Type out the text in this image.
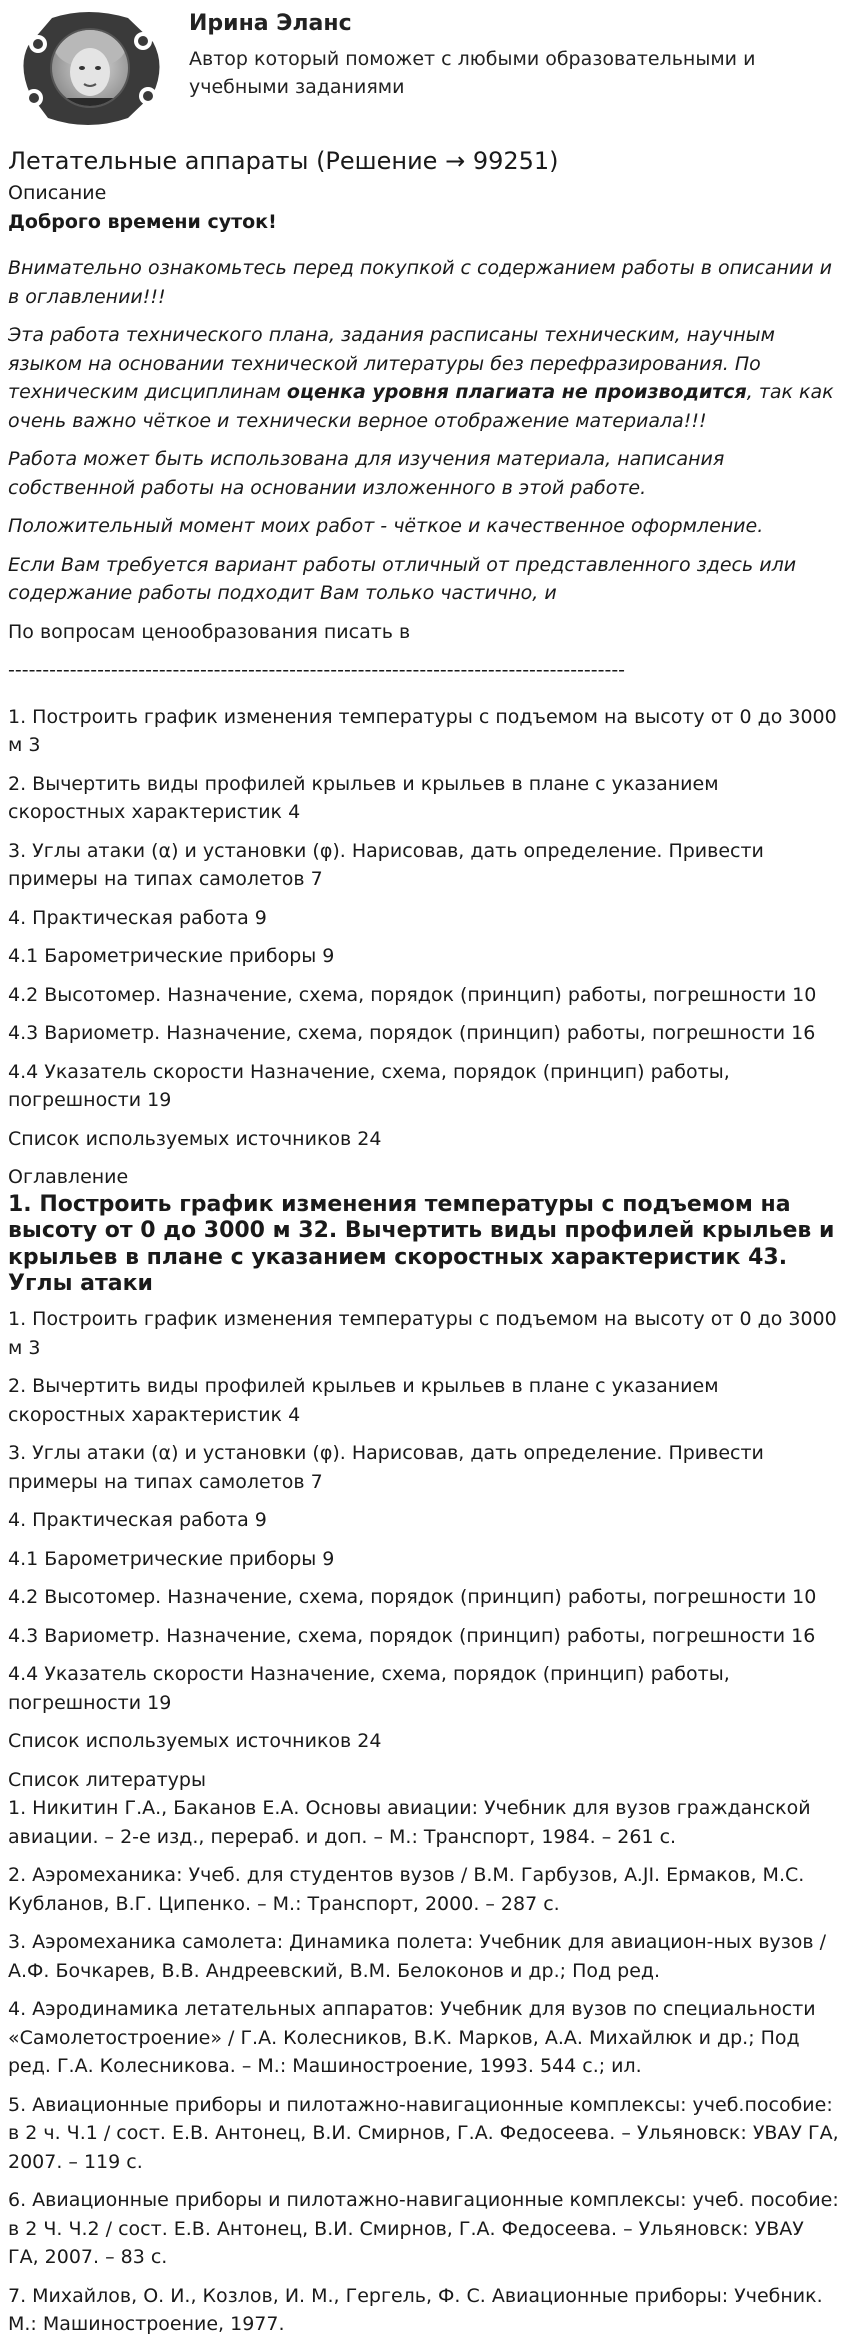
Ирина Эланс
Автор который поможет с любыми образовательными и учебными заданиями
Летательные аппараты (Решение → 99251)
Описание

Доброго времени суток!

Внимательно ознакомьтесь перед покупкой с содержанием работы в описании и в оглавлении!!!

Эта работа технического плана, задания расписаны техническим, научным языком на основании технической литературы без перефразирования. По техническим дисциплинам оценка уровня плагиата не производится, так как очень важно чёткое и технически верное отображение материала!!!

Работа может быть использована для изучения материала, написания собственной работы на основании изложенного в этой работе.

Положительный момент моих работ - чёткое и качественное оформление.

Если Вам требуется вариант работы отличный от представленного здесь или содержание работы подходит Вам только частично, и

По вопросам ценообразования писать в

------------------------------------------------------------------------------------------

1. Построить график изменения температуры с подъемом на высоту от 0 до 3000 м 3

2. Вычертить виды профилей крыльев и крыльев в плане с указанием скоростных характеристик 4

3. Углы атаки (α) и установки (φ). Нарисовав, дать определение. Привести примеры на типах самолетов 7

4. Практическая работа 9

4.1 Барометрические приборы 9

4.2 Высотомер. Назначение, схема, порядок (принцип) работы, погрешности 10

4.3 Вариометр. Назначение, схема, порядок (принцип) работы, погрешности 16

4.4 Указатель скорости Назначение, схема, порядок (принцип) работы, погрешности 19

Список используемых источников 24

Оглавление
1. Построить график изменения температуры с подъемом на высоту от 0 до 3000 м 32. Вычертить виды профилей крыльев и крыльев в плане с указанием скоростных характеристик 43. Углы атаки

1. Построить график изменения температуры с подъемом на высоту от 0 до 3000 м 3

2. Вычертить виды профилей крыльев и крыльев в плане с указанием скоростных характеристик 4

3. Углы атаки (α) и установки (φ). Нарисовав, дать определение. Привести примеры на типах самолетов 7

4. Практическая работа 9

4.1 Барометрические приборы 9

4.2 Высотомер. Назначение, схема, порядок (принцип) работы, погрешности 10

4.3 Вариометр. Назначение, схема, порядок (принцип) работы, погрешности 16

4.4 Указатель скорости Назначение, схема, порядок (принцип) работы, погрешности 19

Список используемых источников 24

Список литературы

1. Никитин Г.А., Баканов Е.А. Основы авиации: Учебник для вузов гражданской авиации. – 2-е изд., перераб. и доп. – М.: Транспорт, 1984. – 261 с.

2. Аэромеханика: Учеб. для студентов вузов / В.М. Гарбузов, A.JI. Ермаков, М.С. Кубланов, В.Г. Ципенко. – М.: Транспорт, 2000. – 287 с.

3. Аэромеханика самолета: Динамика полета: Учебник для авиацион-ных вузов / А.Ф. Бочкарев, В.В. Андреевский, В.М. Белоконов и др.; Под ред.

4. Аэродинамика летательных аппаратов: Учебник для вузов по специальности «Самолетостроение» / Г.А. Колесников, В.К. Марков, А.А. Михайлюк и др.; Под ред. Г.А. Колесникова. – М.: Машиностроение, 1993. 544 с.; ил.

5. Авиационные приборы и пилотажно-навигационные комплексы: учеб.пособие: в 2 ч. Ч.1 / сост. Е.В. Антонец, В.И. Смирнов, Г.А. Федосеева. – Ульяновск: УВАУ ГА, 2007. – 119 с.

6. Авиационные приборы и пилотажно-навигационные комплексы: учеб. пособие: в 2 Ч. Ч.2 / сост. Е.В. Антонец, В.И. Смирнов, Г.А. Федосеева. – Ульяновск: УВАУ ГА, 2007. – 83 с.

7. Михайлов, О. И., Козлов, И. М., Гергель, Ф. С. Авиационные приборы: Учебник. М.: Машиностроение, 1977.
